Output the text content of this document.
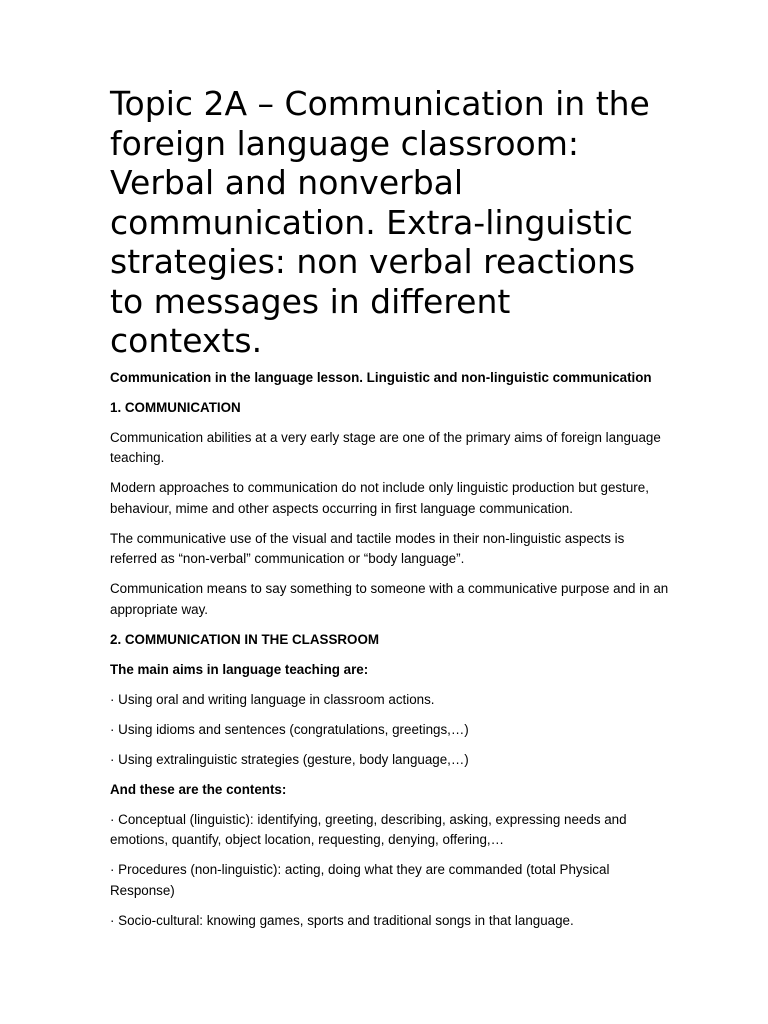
Topic 2A – Communication in the foreign language classroom: Verbal and nonverbal communication. Extra-linguistic strategies: non verbal reactions to messages in different contexts.

Communication in the language lesson. Linguistic and non-linguistic communication

1. COMMUNICATION

Communication abilities at a very early stage are one of the primary aims of foreign language teaching.

Modern approaches to communication do not include only linguistic production but gesture, behaviour, mime and other aspects occurring in first language communication.

The communicative use of the visual and tactile modes in their non-linguistic aspects is referred as “non-verbal” communication or “body language”.

Communication means to say something to someone with a communicative purpose and in an appropriate way.

2. COMMUNICATION IN THE CLASSROOM

The main aims in language teaching are:

· Using oral and writing language in classroom actions.

· Using idioms and sentences (congratulations, greetings,…)

· Using extralinguistic strategies (gesture, body language,…)

And these are the contents:

· Conceptual (linguistic): identifying, greeting, describing, asking, expressing needs and emotions, quantify, object location, requesting, denying, offering,…

· Procedures (non-linguistic): acting, doing what they are commanded (total Physical Response)

· Socio-cultural: knowing games, sports and traditional songs in that language.
